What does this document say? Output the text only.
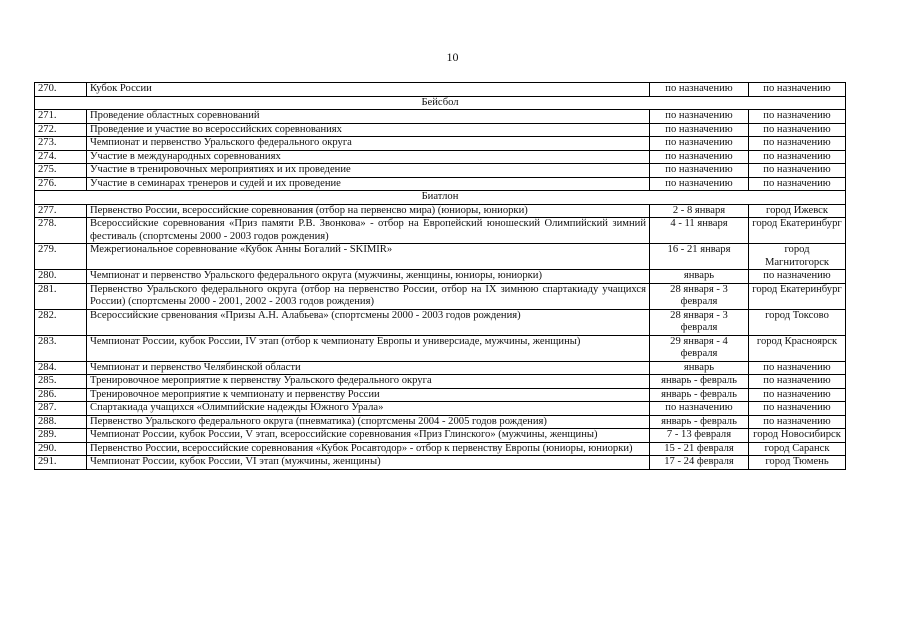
10
270.	Кубок России	по назначению	по назначению
Бейсбол			
271.	Проведение областных соревнований	по назначению	по назначению
272.	Проведение и участие во всероссийских соревнованиях	по назначению	по назначению
273.	Чемпионат и первенство Уральского федерального округа	по назначению	по назначению
274.	Участие в международных соревнованиях	по назначению	по назначению
275.	Участие в тренировочных мероприятиях и их проведение	по назначению	по назначению
276.	Участие в семинарах тренеров и судей и их проведение	по назначению	по назначению
Биатлон			
277.	Первенство России, всероссийские соревнования (отбор на первенсво мира) (юниоры, юниорки)	2 - 8 января	город Ижевск
278.	Всероссийские соревнования «Приз памяти Р.В. Звонкова» - отбор на Европейский юношеский Олимпийский зимний фестиваль (спортсмены 2000 - 2003 годов рождения)	4 - 11 января	город Екатеринбург
279.	Межрегиональное соревнование «Кубок Анны Богалий - SKIMIR»	16 - 21 января	город Магнитогорск
280.	Чемпионат и первенство Уральского федерального округа (мужчины, женщины, юниоры, юниорки)	январь	по назначению
281.	Первенство Уральского федерального округа (отбор на первенство России, отбор на IX зимнюю спартакиаду учащихся России) (спортсмены 2000 - 2001, 2002 - 2003 годов рождения)	28 января - 3 февраля	город Екатеринбург
282.	Всероссийские срвенования «Призы А.Н. Алабьева» (спортсмены 2000 - 2003 годов рождения)	28 января - 3 февраля	город Токсово
283.	Чемпионат России, кубок России, IV этап (отбор к чемпионату Европы и универсиаде, мужчины, женщины)	29 января - 4 февраля	город Красноярск
284.	Чемпионат и первенство Челябинской области	январь	по назначению
285.	Тренировочное мероприятие к первенству Уральского федерального округа	январь - февраль	по назначению
286.	Тренировочное мероприятие к чемпионату и первенству России	январь - февраль	по назначению
287.	Спартакиада учащихся «Олимпийские надежды Южного Урала»	по назначению	по назначению
288.	Первенство Уральского федерального округа (пневматика) (спортсмены 2004 - 2005 годов рождения)	январь - февраль	по назначению
289.	Чемпионат России, кубок России, V этап, всероссийские соревнования «Приз Глинского» (мужчины, женщины)	7 - 13 февраля	город Новосибирск
290.	Первенство России, всероссийские соревнования «Кубок Росавтодор» - отбор к первенству Европы (юниоры, юниорки)	15 - 21 февраля	город Саранск
291.	Чемпионат России, кубок России, VI этап (мужчины, женщины)	17 - 24 февраля	город Тюмень
